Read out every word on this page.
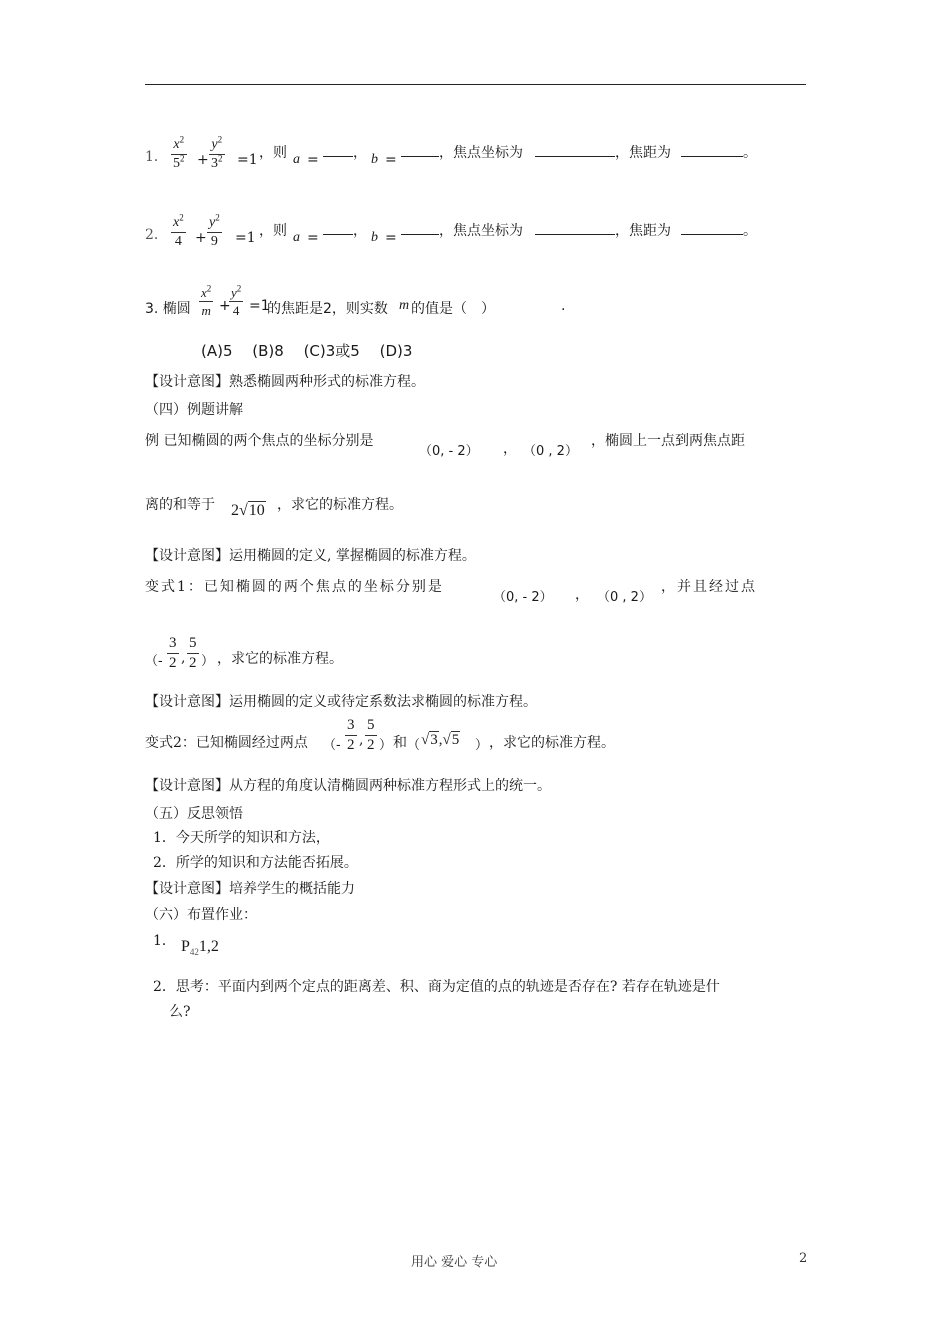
1． $\frac{x^2}{5^2} + \frac{y^2}{3^2} =1$ ，则 a = ， b =	，焦点坐标为	，焦距为	。
2． $\frac{x^2}{4} + \frac{y^2}{9} =1$ ，则 a = ， b =	，焦点坐标为	，焦距为	。
3. 椭圆 $\frac{x^2}{m}$ +
$\frac{y^2}{4} =1$
的焦距是2，则实数 m 的值是（　）	.
(A)5　 (B)8　 (C)3或5　 (D)3
【设计意图】熟悉椭圆两种形式的标准方程。
（四）例题讲解
例 已知椭圆的两个焦点的坐标分别是
（0, - 2） ， （0 , 2）
，椭圆上一点到两焦点距
离的和等于 2√10 ，求它的标准方程。
【设计意图】运用椭圆的定义, 掌握椭圆的标准方程。
变式1：已知椭圆的两个焦点的坐标分别是
（0, - 2） ， （0 , 2）
，并且经过点
（- $\frac{3}{2}$ , $\frac{5}{2}$ ） ，求它的标准方程。
【设计意图】运用椭圆的定义或待定系数法求椭圆的标准方程。
变式2：已知椭圆经过两点 （- $\frac{3}{2}$ , $\frac{5}{2}$ ） 和 （ √3,√5 ） ，求它的标准方程。
【设计意图】从方程的角度认清椭圆两种标准方程形式上的统一。
（五）反思领悟
1．今天所学的知识和方法，
2．所学的知识和方法能否拓展。
【设计意图】培养学生的概括能力
（六）布置作业：
1． $P_{42}1,2$
2．思考：平面内到两个定点的距离差、积、商为定值的点的轨迹是否存在? 若存在轨迹是什
么?
用心 爱心 专心	2
